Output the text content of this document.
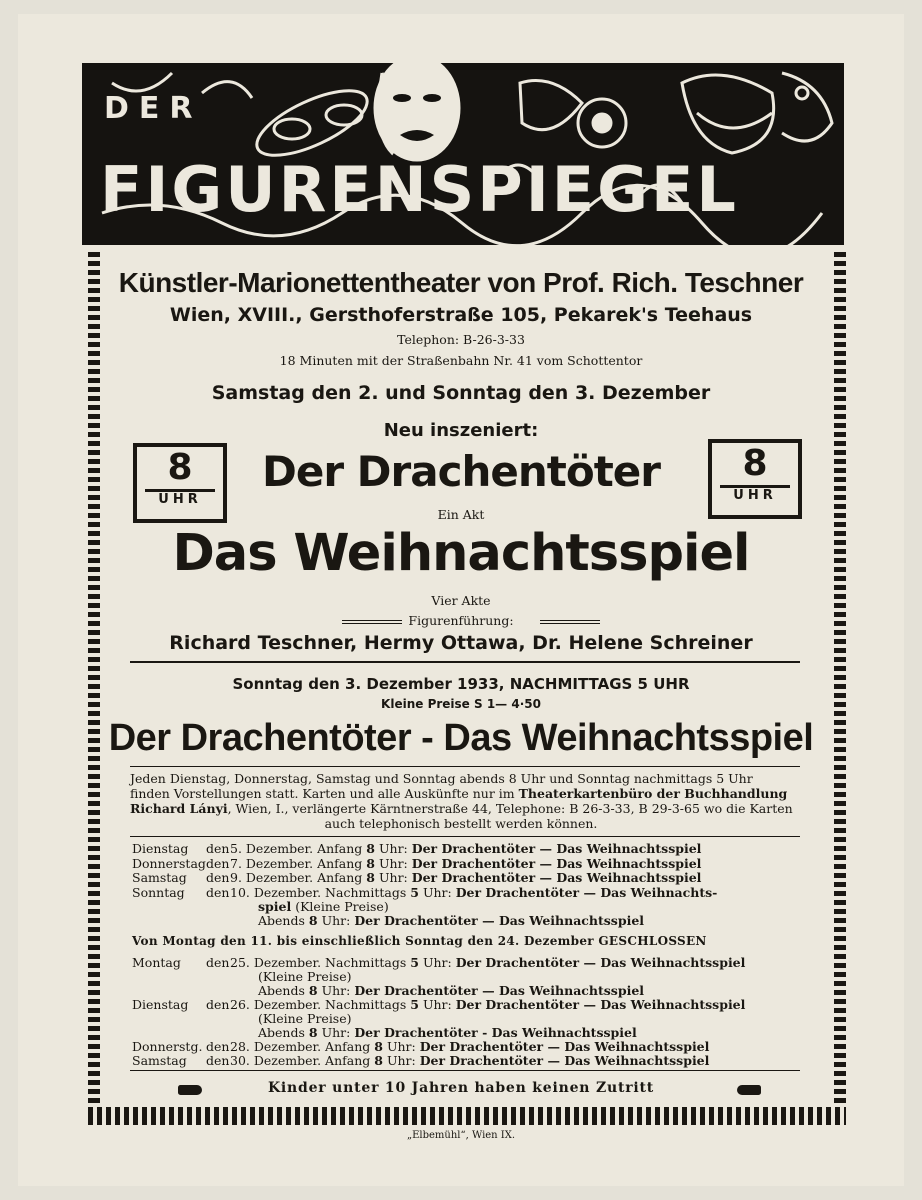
DER
FIGURENSPIEGEL
Künstler-Marionettentheater von Prof. Rich. Teschner
Wien, XVIII., Gersthoferstraße 105, Pekarek's Teehaus
Telephon: B-26-3-33
18 Minuten mit der Straßenbahn Nr. 41 vom Schottentor
Samstag den 2. und Sonntag den 3. Dezember
Neu inszeniert:
8
UHR
8
UHR
Der Drachentöter
Ein Akt
Das Weihnachtsspiel
Vier Akte
Figurenführung:
Richard Teschner, Hermy Ottawa, Dr. Helene Schreiner
Sonntag den 3. Dezember 1933, NACHMITTAGS 5 UHR
Kleine Preise S 1— 4·50
Der Drachentöter - Das Weihnachtsspiel
Jeden Dienstag, Donnerstag, Samstag und Sonntag abends 8 Uhr und Sonntag nachmittags 5 Uhr
finden Vorstellungen statt. Karten und alle Auskünfte nur im Theaterkartenbüro der Buchhandlung
Richard Lányi, Wien, I., verlängerte Kärntnerstraße 44, Telephone: B 26-3-33, B 29-3-65 wo die Karten
auch telephonisch bestellt werden können.
Dienstag den 5. Dezember. Anfang 8 Uhr: Der Drachentöter — Das Weihnachtsspiel
Donnerstag den 7. Dezember. Anfang 8 Uhr: Der Drachentöter — Das Weihnachtsspiel
Samstag den 9. Dezember. Anfang 8 Uhr: Der Drachentöter — Das Weihnachtsspiel
Sonntag den 10. Dezember. Nachmittags 5 Uhr: Der Drachentöter — Das Weihnachts-
spiel (Kleine Preise)
Abends 8 Uhr: Der Drachentöter — Das Weihnachtsspiel
Von Montag den 11. bis einschließlich Sonntag den 24. Dezember GESCHLOSSEN
Montag den 25. Dezember. Nachmittags 5 Uhr: Der Drachentöter — Das Weihnachtsspiel
(Kleine Preise)
Abends 8 Uhr: Der Drachentöter — Das Weihnachtsspiel
Dienstag den 26. Dezember. Nachmittags 5 Uhr: Der Drachentöter — Das Weihnachtsspiel
(Kleine Preise)
Abends 8 Uhr: Der Drachentöter - Das Weihnachtsspiel
Donnerstg. den 28. Dezember. Anfang 8 Uhr: Der Drachentöter — Das Weihnachtsspiel
Samstag den 30. Dezember. Anfang 8 Uhr: Der Drachentöter — Das Weihnachtsspiel
Kinder unter 10 Jahren haben keinen Zutritt
„Elbemühl“, Wien IX.
